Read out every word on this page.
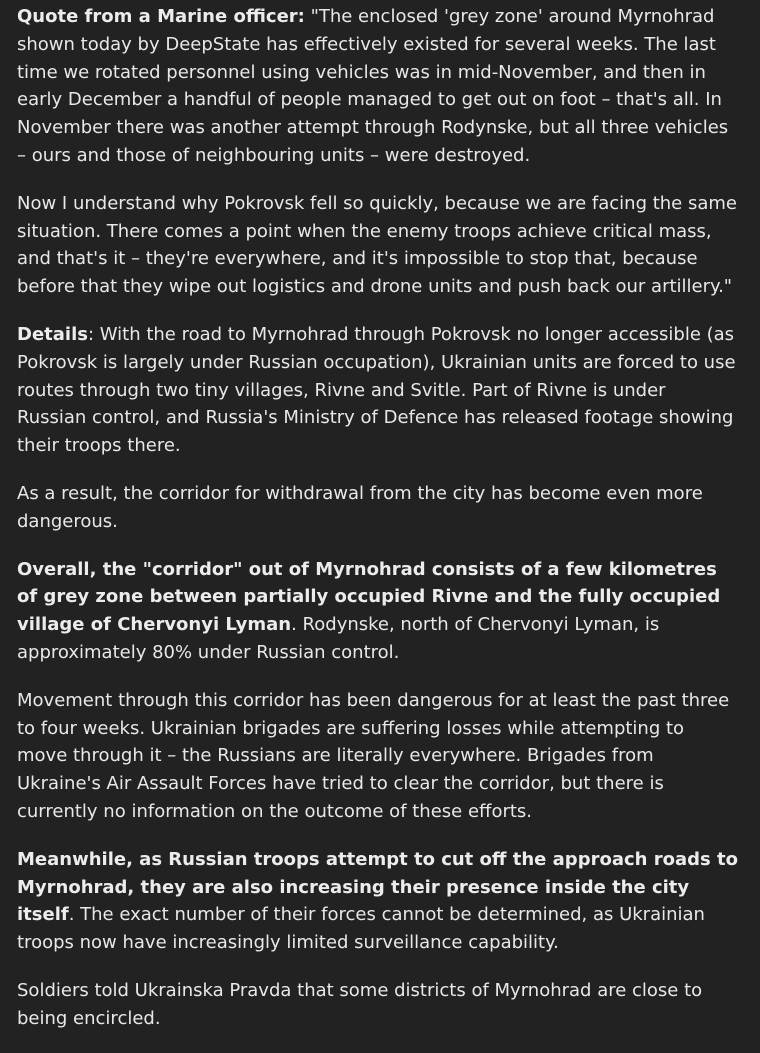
Quote from a Marine officer: "The enclosed 'grey zone' around Myrnohrad shown today by DeepState has effectively existed for several weeks. The last time we rotated personnel using vehicles was in mid-November, and then in early December a handful of people managed to get out on foot – that's all. In November there was another attempt through Rodynske, but all three vehicles – ours and those of neighbouring units – were destroyed.

Now I understand why Pokrovsk fell so quickly, because we are facing the same situation. There comes a point when the enemy troops achieve critical mass, and that's it – they're everywhere, and it's impossible to stop that, because before that they wipe out logistics and drone units and push back our artillery."

Details: With the road to Myrnohrad through Pokrovsk no longer accessible (as Pokrovsk is largely under Russian occupation), Ukrainian units are forced to use routes through two tiny villages, Rivne and Svitle. Part of Rivne is under Russian control, and Russia's Ministry of Defence has released footage showing their troops there.

As a result, the corridor for withdrawal from the city has become even more dangerous.

Overall, the "corridor" out of Myrnohrad consists of a few kilometres of grey zone between partially occupied Rivne and the fully occupied village of Chervonyi Lyman. Rodynske, north of Chervonyi Lyman, is approximately 80% under Russian control.

Movement through this corridor has been dangerous for at least the past three to four weeks. Ukrainian brigades are suffering losses while attempting to move through it – the Russians are literally everywhere. Brigades from Ukraine's Air Assault Forces have tried to clear the corridor, but there is currently no information on the outcome of these efforts.

Meanwhile, as Russian troops attempt to cut off the approach roads to Myrnohrad, they are also increasing their presence inside the city itself. The exact number of their forces cannot be determined, as Ukrainian troops now have increasingly limited surveillance capability.

Soldiers told Ukrainska Pravda that some districts of Myrnohrad are close to being encircled.
